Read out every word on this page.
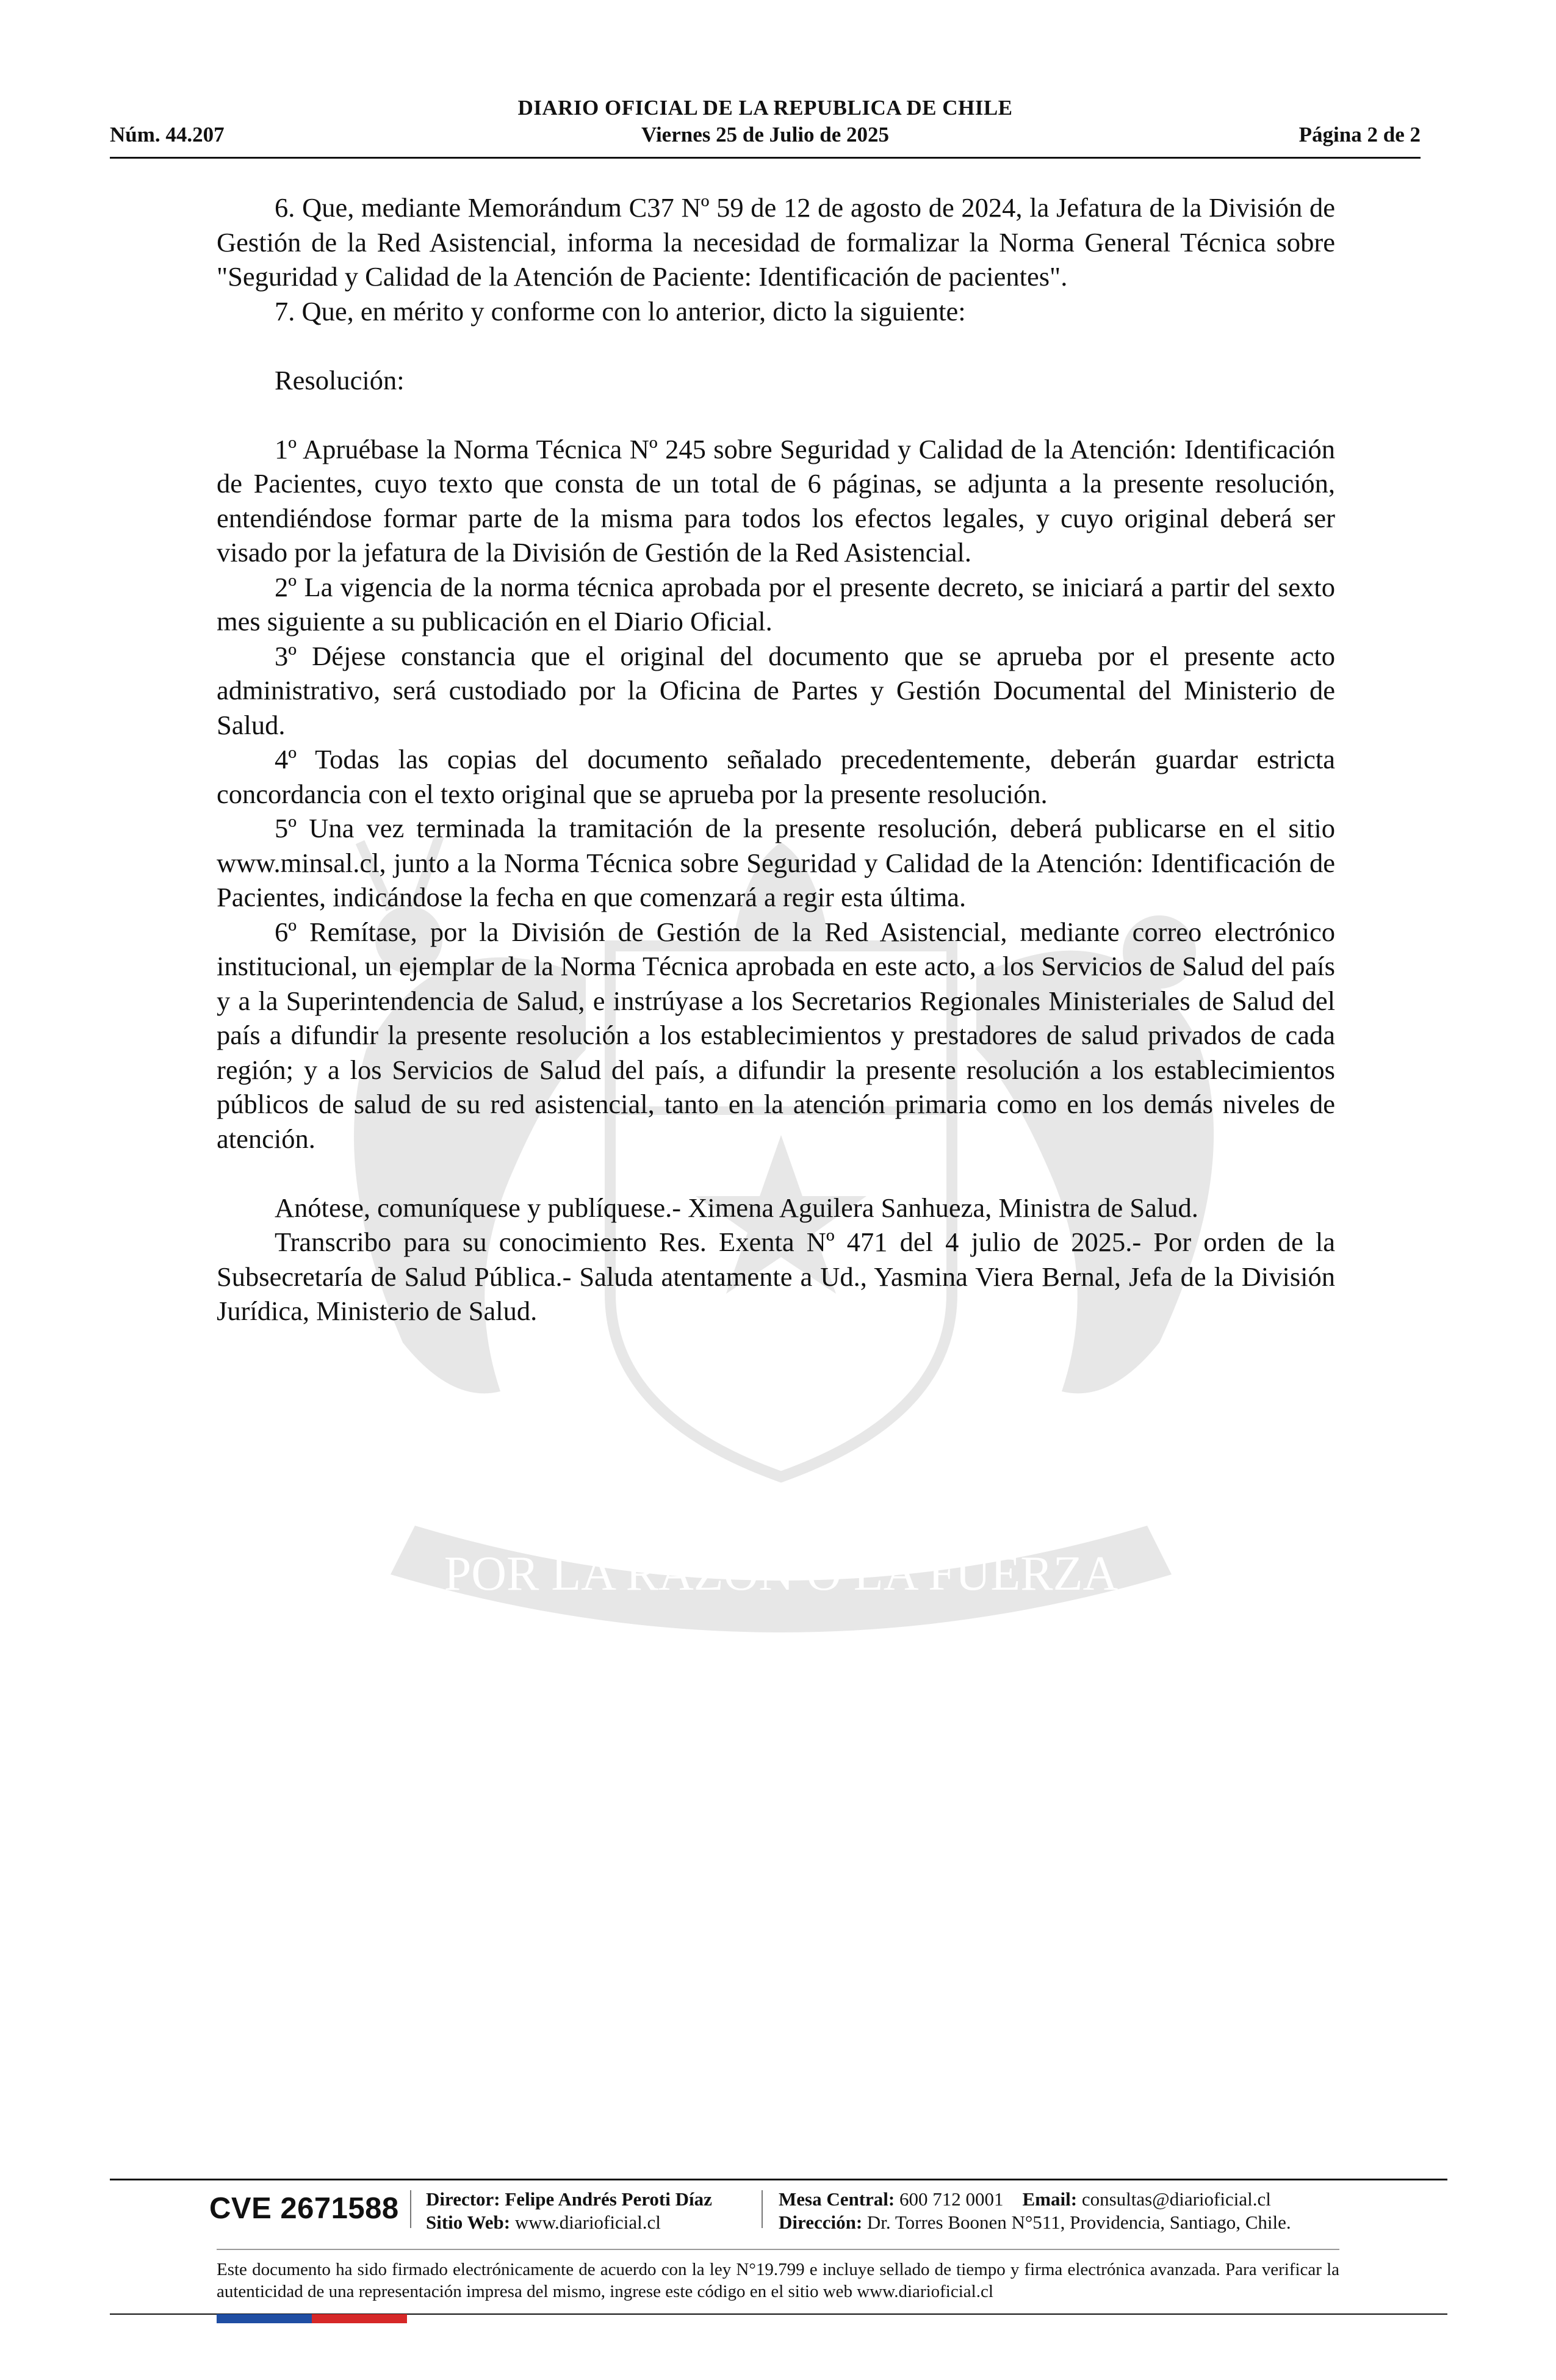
DIARIO OFICIAL DE LA REPUBLICA DE CHILE
Núm. 44.207	Viernes 25 de Julio de 2025	Página 2 de 2
POR LA RAZON O LA FUERZA

6. Que, mediante Memorándum C37 Nº 59 de 12 de agosto de 2024, la Jefatura de la División de Gestión de la Red Asistencial, informa la necesidad de formalizar la Norma General Técnica sobre "Seguridad y Calidad de la Atención de Paciente: Identificación de pacientes".

7. Que, en mérito y conforme con lo anterior, dicto la siguiente:

Resolución:

1º Apruébase la Norma Técnica Nº 245 sobre Seguridad y Calidad de la Atención: Identificación de Pacientes, cuyo texto que consta de un total de 6 páginas, se adjunta a la presente resolución, entendiéndose formar parte de la misma para todos los efectos legales, y cuyo original deberá ser visado por la jefatura de la División de Gestión de la Red Asistencial.

2º La vigencia de la norma técnica aprobada por el presente decreto, se iniciará a partir del sexto mes siguiente a su publicación en el Diario Oficial.

3º Déjese constancia que el original del documento que se aprueba por el presente acto administrativo, será custodiado por la Oficina de Partes y Gestión Documental del Ministerio de Salud.

4º Todas las copias del documento señalado precedentemente, deberán guardar estricta concordancia con el texto original que se aprueba por la presente resolución.

5º Una vez terminada la tramitación de la presente resolución, deberá publicarse en el sitio www.minsal.cl, junto a la Norma Técnica sobre Seguridad y Calidad de la Atención: Identificación de Pacientes, indicándose la fecha en que comenzará a regir esta última.

6º Remítase, por la División de Gestión de la Red Asistencial, mediante correo electrónico institucional, un ejemplar de la Norma Técnica aprobada en este acto, a los Servicios de Salud del país y a la Superintendencia de Salud, e instrúyase a los Secretarios Regionales Ministeriales de Salud del país a difundir la presente resolución a los establecimientos y prestadores de salud privados de cada región; y a los Servicios de Salud del país, a difundir la presente resolución a los establecimientos públicos de salud de su red asistencial, tanto en la atención primaria como en los demás niveles de atención.

Anótese, comuníquese y publíquese.- Ximena Aguilera Sanhueza, Ministra de Salud.

Transcribo para su conocimiento Res. Exenta Nº 471 del 4 julio de 2025.- Por orden de la Subsecretaría de Salud Pública.- Saluda atentamente a Ud., Yasmina Viera Bernal, Jefa de la División Jurídica, Ministerio de Salud.

CVE 2671588 Director: Felipe Andrés Peroti Díaz
Sitio Web: www.diarioficial.cl
Mesa Central: 600 712 0001 Email: consultas@diarioficial.cl
Dirección: Dr. Torres Boonen N°511, Providencia, Santiago, Chile.
Este documento ha sido firmado electrónicamente de acuerdo con la ley N°19.799 e incluye sellado de tiempo y firma electrónica avanzada. Para verificar la autenticidad de una representación impresa del mismo, ingrese este código en el sitio web www.diarioficial.cl
